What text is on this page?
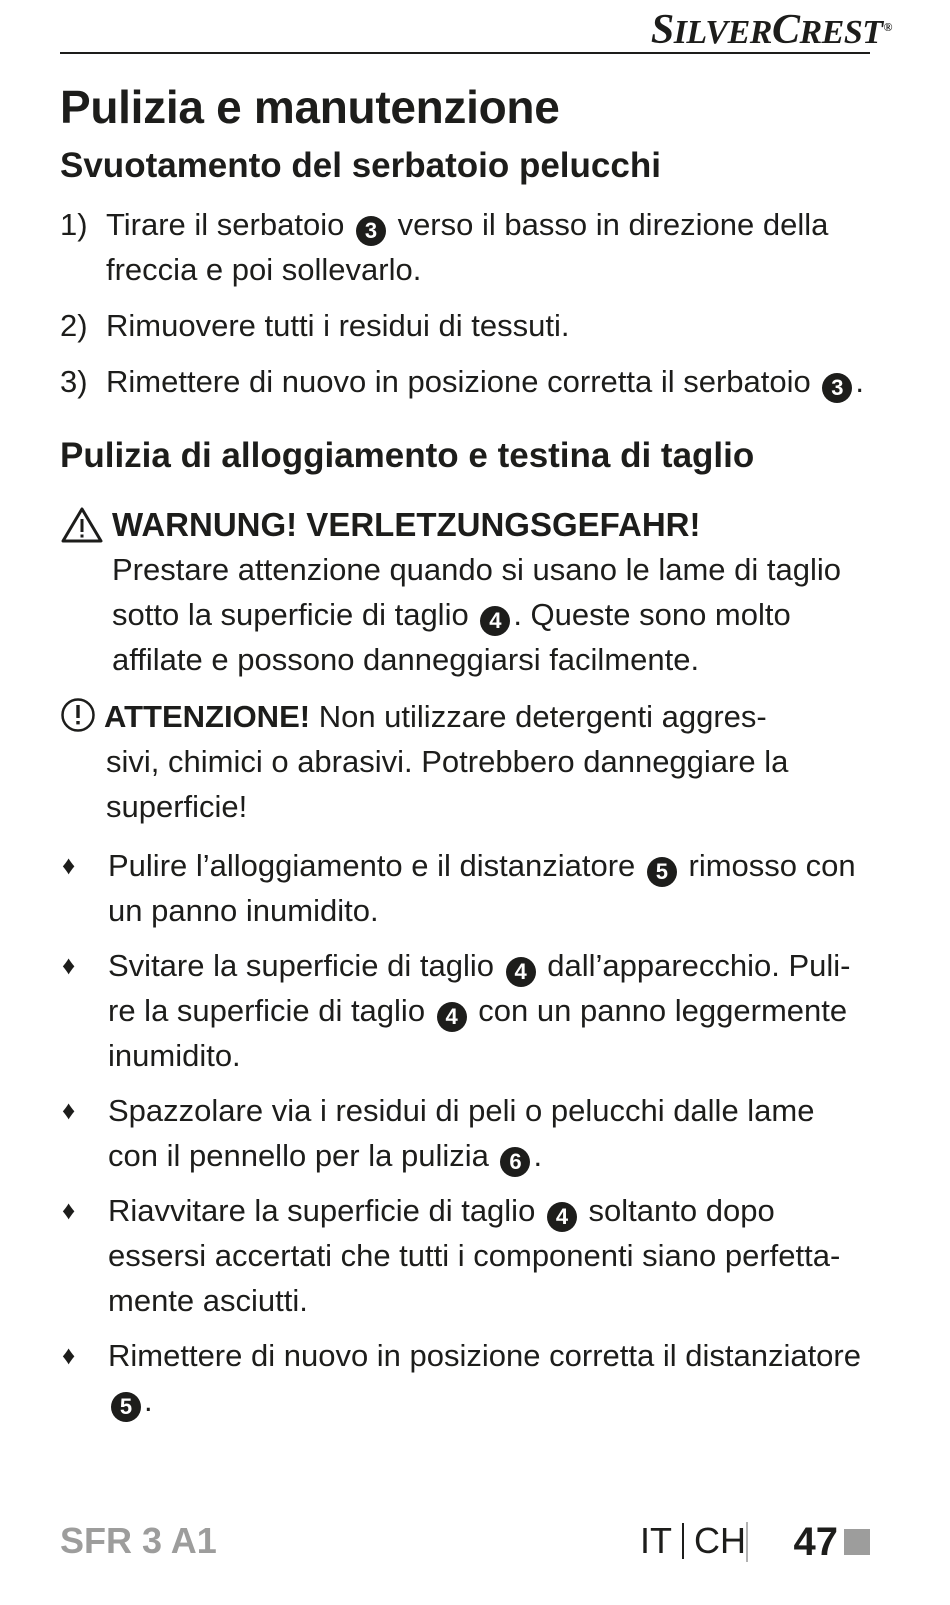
SILVERCREST®
Pulizia e manutenzione
Svuotamento del serbatoio pelucchi
1) Tirare il serbatoio 3 verso il basso in direzione della freccia e poi sollevarlo.
2) Rimuovere tutti i residui di tessuti.
3) Rimettere di nuovo in posizione corretta il serbatoio 3 .
Pulizia di alloggiamento e testina di taglio
WARNUNG! VERLETZUNGSGEFAHR!
Prestare attenzione quando si usano le lame di taglio sotto la superficie di taglio 4 . Queste sono molto affilate e possono danneggiarsi facilmente.
ATTENZIONE! Non utilizzare detergenti aggres-
sivi, chimici o abrasivi. Potrebbero danneggiare la superficie!
♦	Pulire l’alloggiamento e il distanziatore 5 rimosso con un panno inumidito.
♦	Svitare la superficie di taglio 4 dall’apparecchio. Puli-re la superficie di taglio 4 con un panno leggermente inumidito.
♦	Spazzolare via i residui di peli o pelucchi dalle lame con il pennello per la pulizia 6 .
♦	Riavvitare la superficie di taglio 4 soltanto dopo essersi accertati che tutti i componenti siano perfetta-mente asciutti.
♦	Rimettere di nuovo in posizione corretta il distanziatore 5 .
SFR 3 A1	IT CH 47
